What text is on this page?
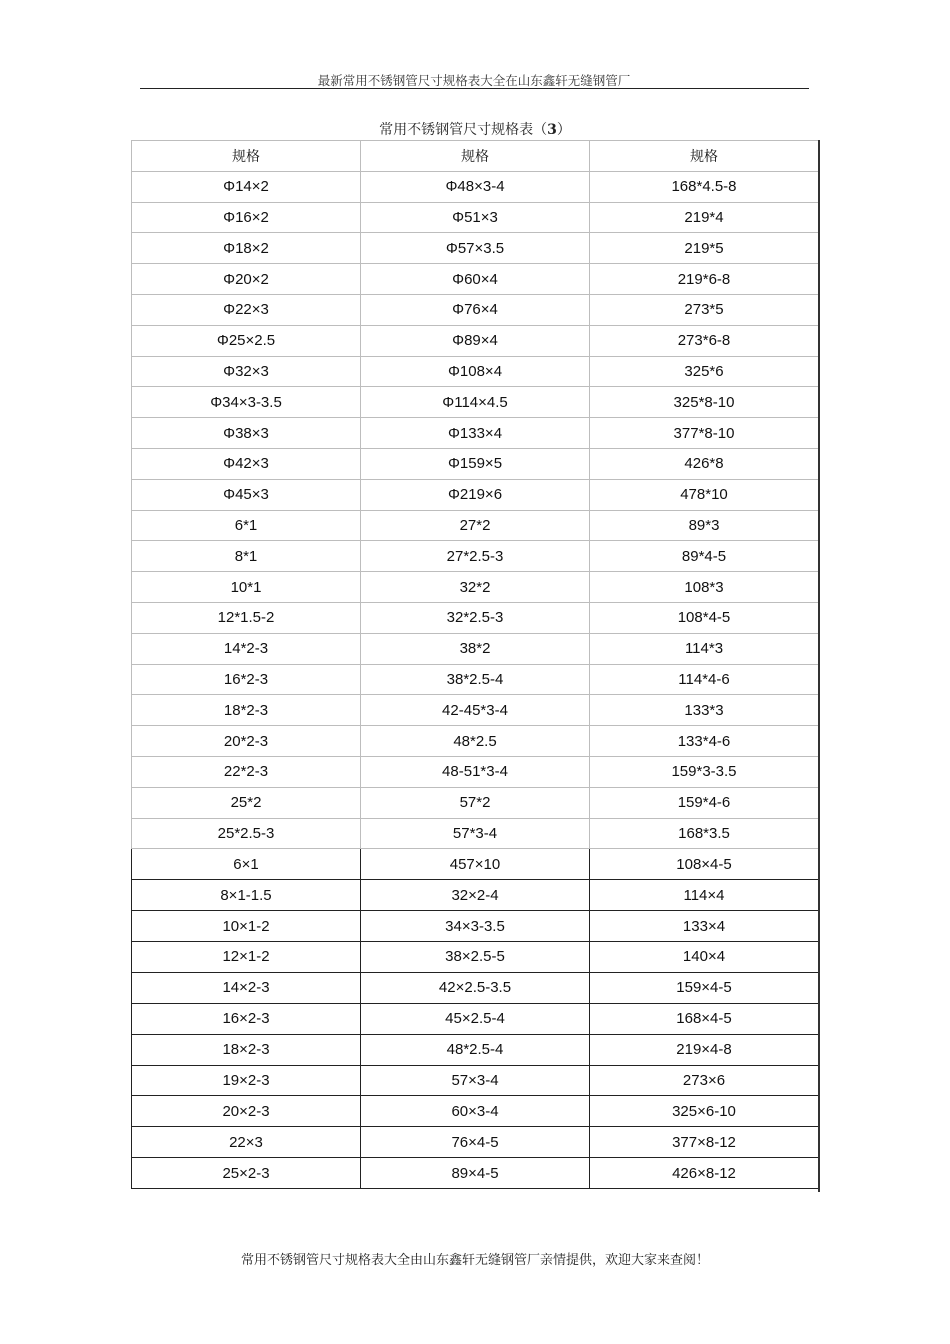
最新常用不锈钢管尺寸规格表大全在山东鑫轩无缝钢管厂
常用不锈钢管尺寸规格表（3）
规格	规格	规格
Φ14×2	Φ48×3-4	168*4.5-8
Φ16×2	Φ51×3	219*4
Φ18×2	Φ57×3.5	219*5
Φ20×2	Φ60×4	219*6-8
Φ22×3	Φ76×4	273*5
Φ25×2.5	Φ89×4	273*6-8
Φ32×3	Φ108×4	325*6
Φ34×3-3.5	Φ114×4.5	325*8-10
Φ38×3	Φ133×4	377*8-10
Φ42×3	Φ159×5	426*8
Φ45×3	Φ219×6	478*10
6*1	27*2	89*3
8*1	27*2.5-3	89*4-5
10*1	32*2	108*3
12*1.5-2	32*2.5-3	108*4-5
14*2-3	38*2	114*3
16*2-3	38*2.5-4	114*4-6
18*2-3	42-45*3-4	133*3
20*2-3	48*2.5	133*4-6
22*2-3	48-51*3-4	159*3-3.5
25*2	57*2	159*4-6
25*2.5-3	57*3-4	168*3.5
6×1	457×10	108×4-5
8×1-1.5	32×2-4	114×4
10×1-2	34×3-3.5	133×4
12×1-2	38×2.5-5	140×4
14×2-3	42×2.5-3.5	159×4-5
16×2-3	45×2.5-4	168×4-5
18×2-3	48*2.5-4	219×4-8
19×2-3	57×3-4	273×6
20×2-3	60×3-4	325×6-10
22×3	76×4-5	377×8-12
25×2-3	89×4-5	426×8-12
常用不锈钢管尺寸规格表大全由山东鑫轩无缝钢管厂亲情提供，欢迎大家来查阅！
